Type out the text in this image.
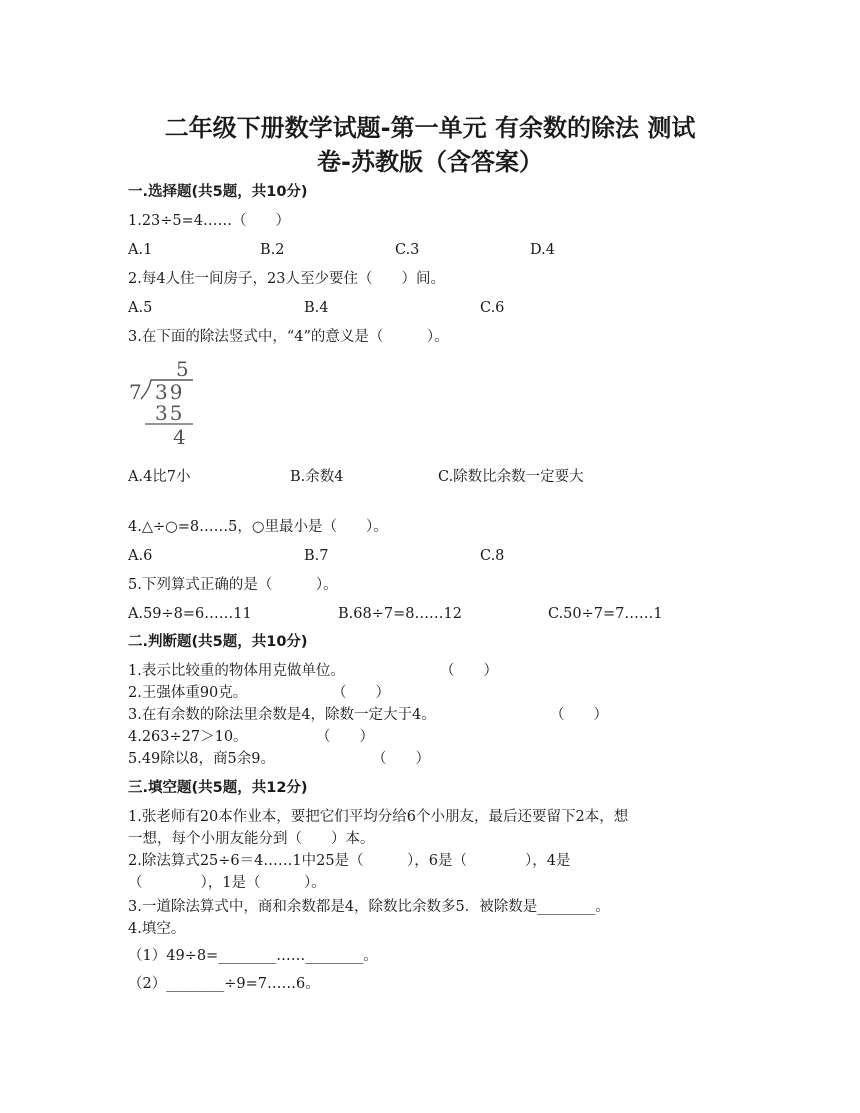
二年级下册数学试题-第一单元 有余数的除法 测试
卷-苏教版（含答案）
一.选择题(共5题，共10分)
1.23÷5=4……（　　）
A.1	B.2	C.3	D.4
2.每4人住一间房子，23人至少要住（　　）间。
A.5	B.4	C.6
3.在下面的除法竖式中，“4”的意义是（　　　）。
5
7 39
35
4
A.4比7小	B.余数4	C.除数比余数一定要大
4.△÷○=8……5，○里最小是（　　）。
A.6	B.7	C.8
5.下列算式正确的是（　　　）。
A.59÷8=6……11	B.68÷7=8……12	C.50÷7=7……1
二.判断题(共5题，共10分)
1.表示比较重的物体用克做单位。	（　　）
2.王强体重90克。	（　　）
3.在有余数的除法里余数是4，除数一定大于4。	（　　）
4.263÷27＞10。	（　　）
5.49除以8，商5余9。	（　　）
三.填空题(共5题，共12分)
1.张老师有20本作业本，要把它们平均分给6个小朋友，最后还要留下2本，想
一想，每个小朋友能分到（　　）本。
2.除法算式25÷6＝4……1中25是（　　　），6是（　　　　），4是
（　　　　），1是（　　　）。
3.一道除法算式中，商和余数都是4，除数比余数多5．被除数是________。
4.填空。
（1）49÷8=________……________。
（2）________÷9=7……6。
